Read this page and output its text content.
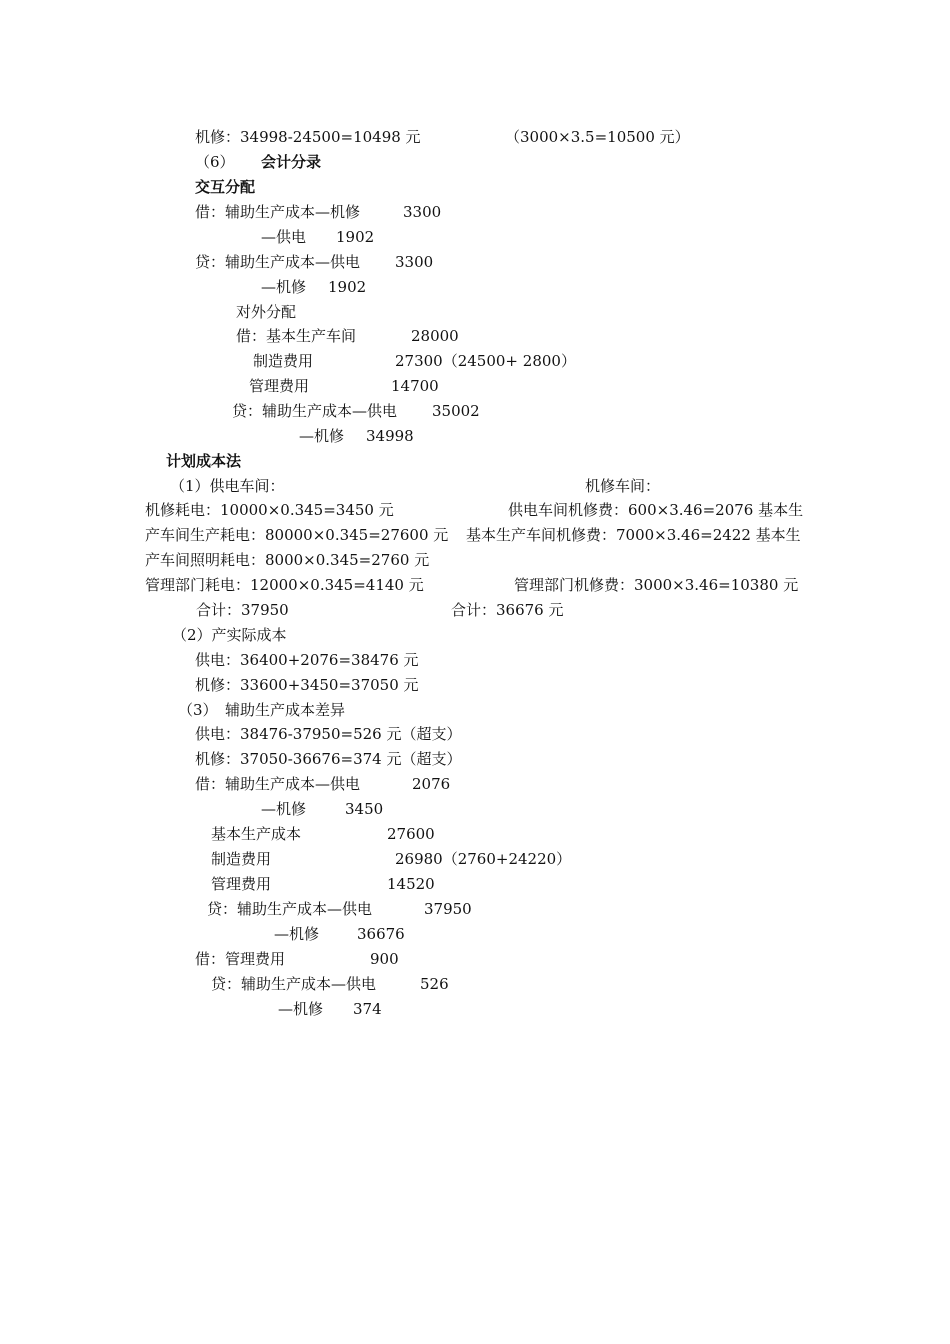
机修：34998-24500=10498 元	（3000×3.5=10500 元）
（6） 会计分录
交互分配
借：辅助生产成本—机修	3300
—供电 1902
贷：辅助生产成本—供电 3300
—机修 1902
对外分配
借：基本生产车间	28000
制造费用	27300（24500+ 2800）
管理费用	14700
贷：辅助生产成本—供电 35002
—机修 34998
计划成本法
（1）供电车间：	机修车间：
机修耗电：10000×0.345=3450 元	供电车间机修费：600×3.46=2076 基本生
产车间生产耗电：80000×0.345=27600 元 基本生产车间机修费：7000×3.46=2422 基本生
产车间照明耗电：8000×0.345=2760 元
管理部门耗电：12000×0.345=4140 元	管理部门机修费：3000×3.46=10380 元
合计：37950	合计：36676 元
（2）产实际成本
供电：36400+2076=38476 元
机修：33600+3450=37050 元
（3） 辅助生产成本差异
供电：38476-37950=526 元（超支）
机修：37050-36676=374 元（超支）
借：辅助生产成本—供电	2076
—机修	3450
基本生产成本	27600
制造费用	26980（2760+24220）
管理费用	14520
贷：辅助生产成本—供电	37950
—机修	36676
借：管理费用	900
贷：辅助生产成本—供电	526
—机修 374
